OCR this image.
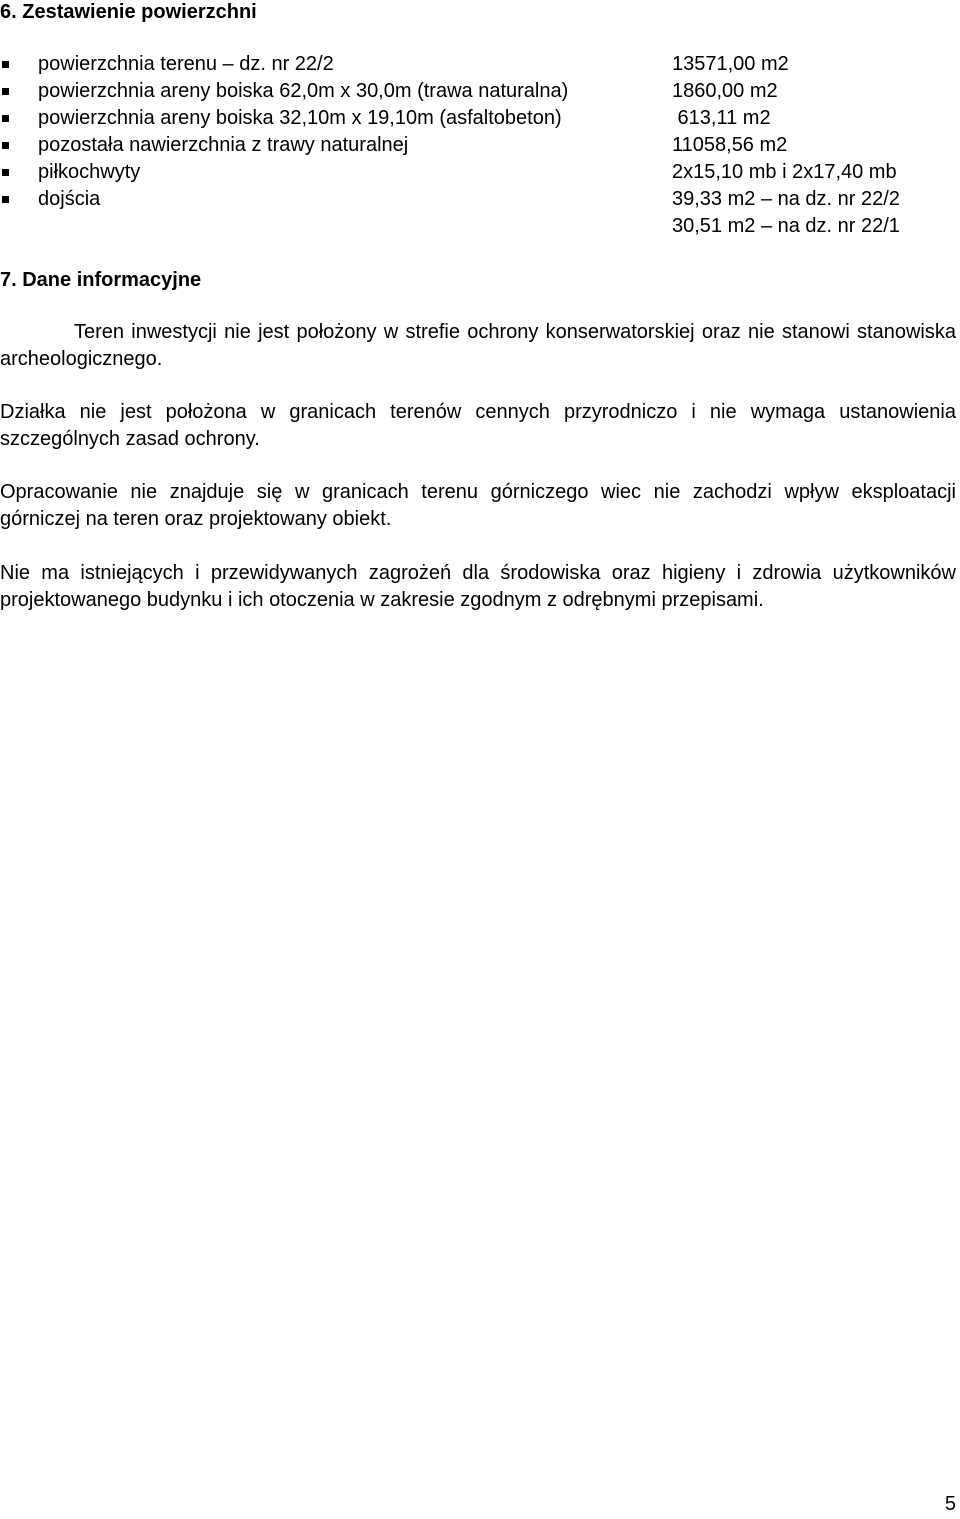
6. Zestawienie powierzchni
powierzchnia terenu – dz. nr 22/2	13571,00 m2
powierzchnia areny boiska 62,0m x 30,0m (trawa naturalna)	1860,00 m2
powierzchnia areny boiska 32,10m x 19,10m (asfaltobeton)	613,11 m2
pozostała nawierzchnia z trawy naturalnej	11058,56 m2
piłkochwyty	2x15,10 mb i 2x17,40 mb
dojścia	39,33 m2 – na dz. nr 22/2
30,51 m2 – na dz. nr 22/1
7. Dane informacyjne

Teren inwestycji nie jest położony w strefie ochrony konserwatorskiej oraz nie stanowi stanowiska archeologicznego.

Działka nie jest położona w granicach terenów cennych przyrodniczo i nie wymaga ustanowienia szczególnych zasad ochrony.

Opracowanie nie znajduje się w granicach terenu górniczego wiec nie zachodzi wpływ eksploatacji górniczej na teren oraz projektowany obiekt.

Nie ma istniejących i przewidywanych zagrożeń dla środowiska oraz higieny i zdrowia użytkowników projektowanego budynku i ich otoczenia w zakresie zgodnym z odrębnymi przepisami.

5
